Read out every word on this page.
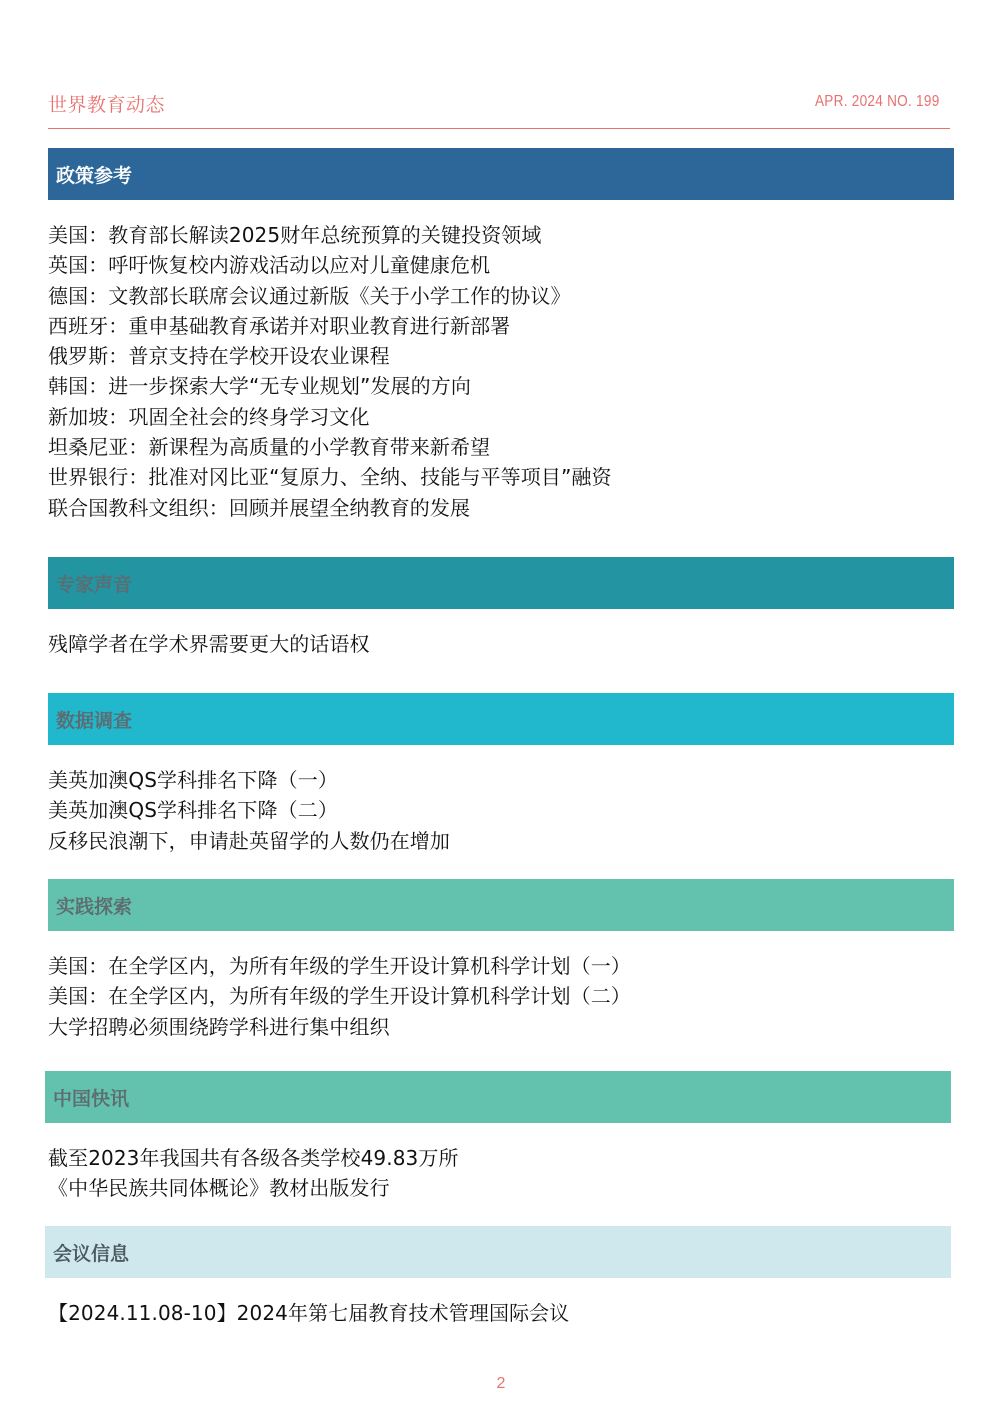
世界教育动态	APR. 2024 NO. 199
政策参考
美国：教育部长解读2025财年总统预算的关键投资领域
英国：呼吁恢复校内游戏活动以应对儿童健康危机
德国：文教部长联席会议通过新版《关于小学工作的协议》
西班牙：重申基础教育承诺并对职业教育进行新部署
俄罗斯：普京支持在学校开设农业课程
韩国：进一步探索大学“无专业规划”发展的方向
新加坡：巩固全社会的终身学习文化
坦桑尼亚：新课程为高质量的小学教育带来新希望
世界银行：批准对冈比亚“复原力、全纳、技能与平等项目”融资
联合国教科文组织：回顾并展望全纳教育的发展
专家声音
残障学者在学术界需要更大的话语权
数据调查
美英加澳QS学科排名下降（一）
美英加澳QS学科排名下降（二）
反移民浪潮下，申请赴英留学的人数仍在增加
实践探索
美国：在全学区内，为所有年级的学生开设计算机科学计划（一）
美国：在全学区内，为所有年级的学生开设计算机科学计划（二）
大学招聘必须围绕跨学科进行集中组织
中国快讯
截至2023年我国共有各级各类学校49.83万所
《中华民族共同体概论》教材出版发行
会议信息
【2024.11.08-10】2024年第七届教育技术管理国际会议
2
